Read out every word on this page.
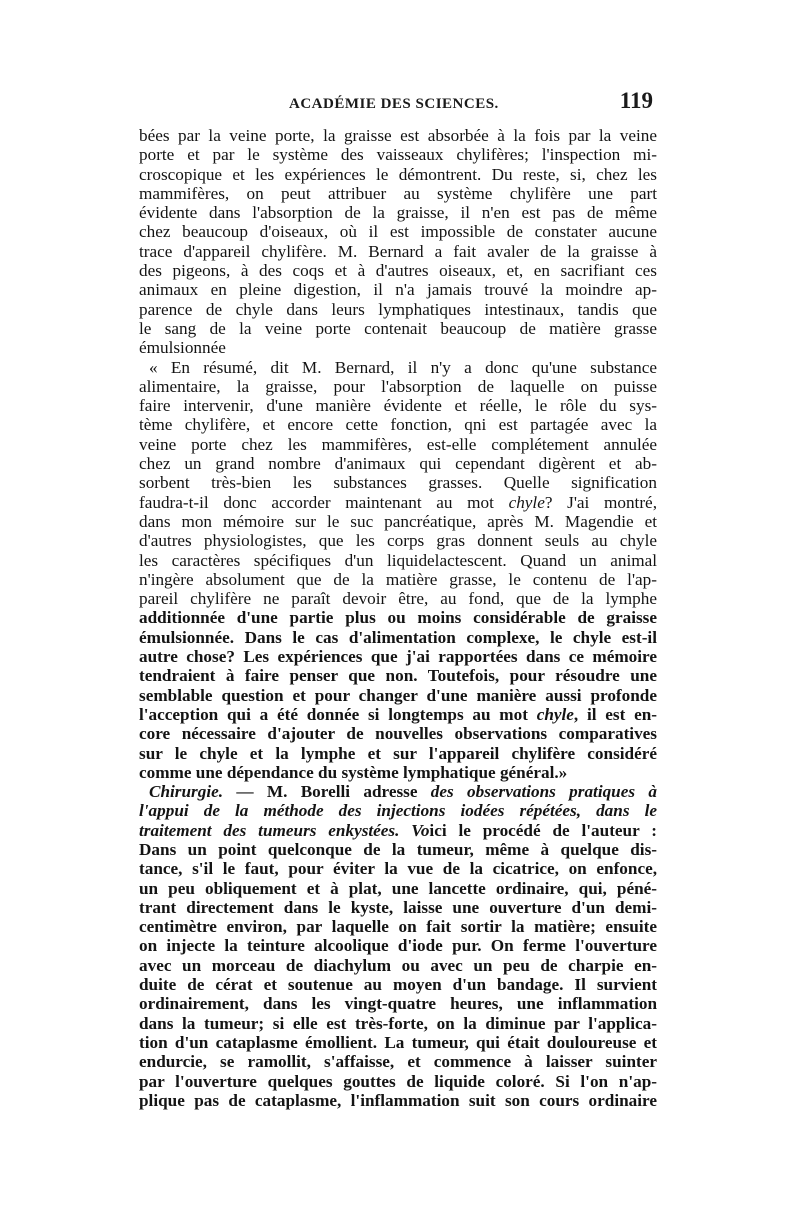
ACADÉMIE DES SCIENCES.	119
bées par la veine porte, la graisse est absorbée à la fois par la veine
porte et par le système des vaisseaux chylifères; l'inspection mi-
croscopique et les expériences le démontrent. Du reste, si, chez les
mammifères, on peut attribuer au système chylifère une part
évidente dans l'absorption de la graisse, il n'en est pas de même
chez beaucoup d'oiseaux, où il est impossible de constater aucune
trace d'appareil chylifère. M. Bernard a fait avaler de la graisse à
des pigeons, à des coqs et à d'autres oiseaux, et, en sacrifiant ces
animaux en pleine digestion, il n'a jamais trouvé la moindre ap-
parence de chyle dans leurs lymphatiques intestinaux, tandis que
le sang de la veine porte contenait beaucoup de matière grasse
émulsionnée
« En résumé, dit M. Bernard, il n'y a donc qu'une substance
alimentaire, la graisse, pour l'absorption de laquelle on puisse
faire intervenir, d'une manière évidente et réelle, le rôle du sys-
tème chylifère, et encore cette fonction, qni est partagée avec la
veine porte chez les mammifères, est-elle complétement annulée
chez un grand nombre d'animaux qui cependant digèrent et ab-
sorbent très-bien les substances grasses. Quelle signification
faudra-t-il donc accorder maintenant au mot chyle? J'ai montré,
dans mon mémoire sur le suc pancréatique, après M. Magendie et
d'autres physiologistes, que les corps gras donnent seuls au chyle
les caractères spécifiques d'un liquidelactescent. Quand un animal
n'ingère absolument que de la matière grasse, le contenu de l'ap-
pareil chylifère ne paraît devoir être, au fond, que de la lymphe
additionnée d'une partie plus ou moins considérable de graisse
émulsionnée. Dans le cas d'alimentation complexe, le chyle est-il
autre chose? Les expériences que j'ai rapportées dans ce mémoire
tendraient à faire penser que non. Toutefois, pour résoudre une
semblable question et pour changer d'une manière aussi profonde
l'acception qui a été donnée si longtemps au mot chyle, il est en-
core nécessaire d'ajouter de nouvelles observations comparatives
sur le chyle et la lymphe et sur l'appareil chylifère considéré
comme une dépendance du système lymphatique général.»
Chirurgie. — M. Borelli adresse des observations pratiques à
l'appui de la méthode des injections iodées répétées, dans le
traitement des tumeurs enkystées. Voici le procédé de l'auteur :
Dans un point quelconque de la tumeur, même à quelque dis-
tance, s'il le faut, pour éviter la vue de la cicatrice, on enfonce,
un peu obliquement et à plat, une lancette ordinaire, qui, péné-
trant directement dans le kyste, laisse une ouverture d'un demi-
centimètre environ, par laquelle on fait sortir la matière; ensuite
on injecte la teinture alcoolique d'iode pur. On ferme l'ouverture
avec un morceau de diachylum ou avec un peu de charpie en-
duite de cérat et soutenue au moyen d'un bandage. Il survient
ordinairement, dans les vingt-quatre heures, une inflammation
dans la tumeur; si elle est très-forte, on la diminue par l'applica-
tion d'un cataplasme émollient. La tumeur, qui était douloureuse et
endurcie, se ramollit, s'affaisse, et commence à laisser suinter
par l'ouverture quelques gouttes de liquide coloré. Si l'on n'ap-
plique pas de cataplasme, l'inflammation suit son cours ordinaire
